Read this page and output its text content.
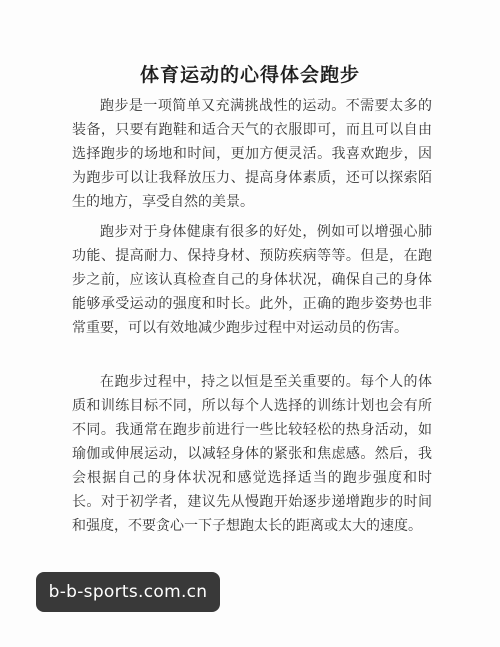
体育运动的心得体会跑步

跑步是一项简单又充满挑战性的运动。不需要太多的装备，只要有跑鞋和适合天气的衣服即可，而且可以自由选择跑步的场地和时间，更加方便灵活。我喜欢跑步，因为跑步可以让我释放压力、提高身体素质，还可以探索陌生的地方，享受自然的美景。

跑步对于身体健康有很多的好处，例如可以增强心肺功能、提高耐力、保持身材、预防疾病等等。但是，在跑步之前，应该认真检查自己的身体状况，确保自己的身体能够承受运动的强度和时长。此外，正确的跑步姿势也非常重要，可以有效地减少跑步过程中对运动员的伤害。

在跑步过程中，持之以恒是至关重要的。每个人的体质和训练目标不同，所以每个人选择的训练计划也会有所不同。我通常在跑步前进行一些比较轻松的热身活动，如瑜伽或伸展运动，以减轻身体的紧张和焦虑感。然后，我会根据自己的身体状况和感觉选择适当的跑步强度和时长。对于初学者，建议先从慢跑开始逐步递增跑步的时间和强度，不要贪心一下子想跑太长的距离或太大的速度。

b-b-sports.com.cn
